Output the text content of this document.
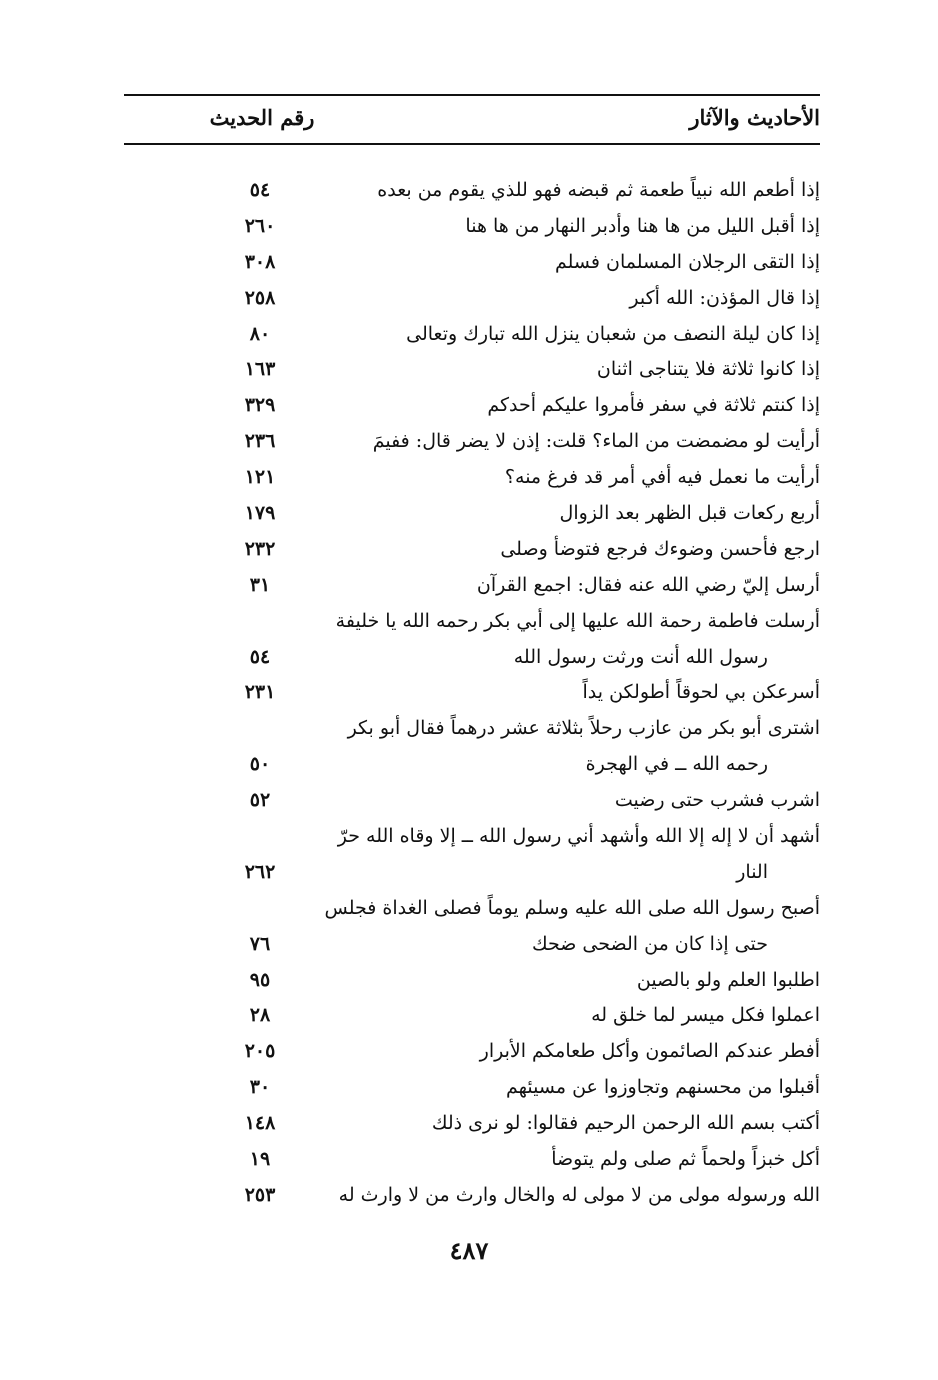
رقم الحديث	الأحاديث والآثار
إذا أطعم الله نبياً طعمة ثم قبضه فهو للذي يقوم من بعده
٥٤
إذا أقبل الليل من ها هنا وأدبر النهار من ها هنا
٢٦٠
إذا التقى الرجلان المسلمان فسلم
٣٠٨
إذا قال المؤذن: الله أكبر
٢٥٨
إذا كان ليلة النصف من شعبان ينزل الله تبارك وتعالى
٨٠
إذا كانوا ثلاثة فلا يتناجى اثنان
١٦٣
إذا كنتم ثلاثة في سفر فأمروا عليكم أحدكم
٣٢٩
أرأيت لو مضمضت من الماء؟ قلت: إذن لا يضر قال: ففيمَ
٢٣٦
أرأيت ما نعمل فيه أفي أمر قد فرغ منه؟
١٢١
أربع ركعات قبل الظهر بعد الزوال
١٧٩
ارجع فأحسن وضوءك فرجع فتوضأ وصلى
٢٣٢
أرسل إليّ رضي الله عنه فقال: اجمع القرآن
٣١
أرسلت فاطمة رحمة الله عليها إلى أبي بكر رحمه الله يا خليفة
رسول الله أنت ورثت رسول الله
٥٤
أسرعكن بي لحوقاً أطولكن يداً
٢٣١
اشترى أبو بكر من عازب رحلاً بثلاثة عشر درهماً فقال أبو بكر
رحمه الله ــ في الهجرة
٥٠
اشرب فشرب حتى رضيت
٥٢
أشهد أن لا إله إلا الله وأشهد أني رسول الله ــ إلا وقاه الله حرّ
النار
٢٦٢
أصبح رسول الله صلى الله عليه وسلم يوماً فصلى الغداة فجلس
حتى إذا كان من الضحى ضحك
٧٦
اطلبوا العلم ولو بالصين
٩٥
اعملوا فكل ميسر لما خلق له
٢٨
أفطر عندكم الصائمون وأكل طعامكم الأبرار
٢٠٥
أقبلوا من محسنهم وتجاوزوا عن مسيئهم
٣٠
أكتب بسم الله الرحمن الرحيم فقالوا: لو نرى ذلك
١٤٨
أكل خبزاً ولحماً ثم صلى ولم يتوضأ
١٩
الله ورسوله مولى من لا مولى له والخال وارث من لا وارث له
٢٥٣
٤٨٧
